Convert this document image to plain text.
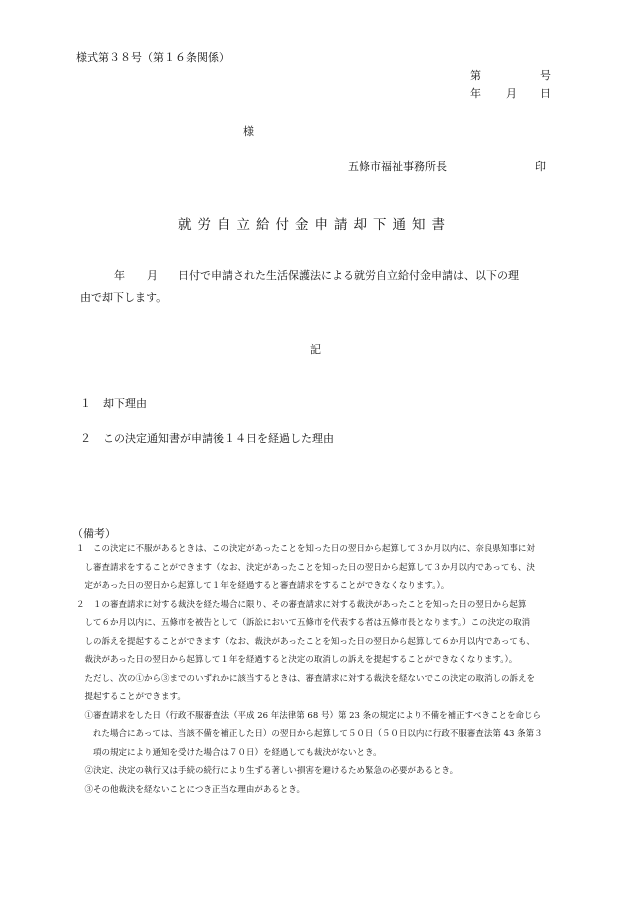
様式第３８号（第１６条関係）
第	号
年 月 日
様
五條市福祉事務所長	印
就労自立給付金申請却下通知書
年 月 日付で申請された生活保護法による就労自立給付金申請は、以下の理
由で却下します。
記
１ 却下理由
２ この決定通知書が申請後１４日を経過した理由
（備考）
１　この決定に不服があるときは、この決定があったことを知った日の翌日から起算して３か月以内に、奈良県知事に対
　し審査請求をすることができます（なお、決定があったことを知った日の翌日から起算して３か月以内であっても、決
　定があった日の翌日から起算して１年を経過すると審査請求をすることができなくなります。）。
２　１の審査請求に対する裁決を経た場合に限り、その審査請求に対する裁決があったことを知った日の翌日から起算
　して６か月以内に、五條市を被告として（訴訟において五條市を代表する者は五條市長となります。）この決定の取消
　しの訴えを提起することができます（なお、裁決があったことを知った日の翌日から起算して６か月以内であっても、
　裁決があった日の翌日から起算して１年を経過すると決定の取消しの訴えを提起することができなくなります。）。
　ただし、次の①から③までのいずれかに該当するときは、審査請求に対する裁決を経ないでこの決定の取消しの訴えを
　提起することができます。
　①審査請求をした日（行政不服審査法（平成 26 年法律第 68 号）第 23 条の規定により不備を補正すべきことを命じら
　　れた場合にあっては、当該不備を補正した日）の翌日から起算して５０日（５０日以内に行政不服審査法第 43 条第３
　　項の規定により通知を受けた場合は７０日）を経過しても裁決がないとき。
　②決定、決定の執行又は手続の続行により生ずる著しい損害を避けるため緊急の必要があるとき。
　③その他裁決を経ないことにつき正当な理由があるとき。
